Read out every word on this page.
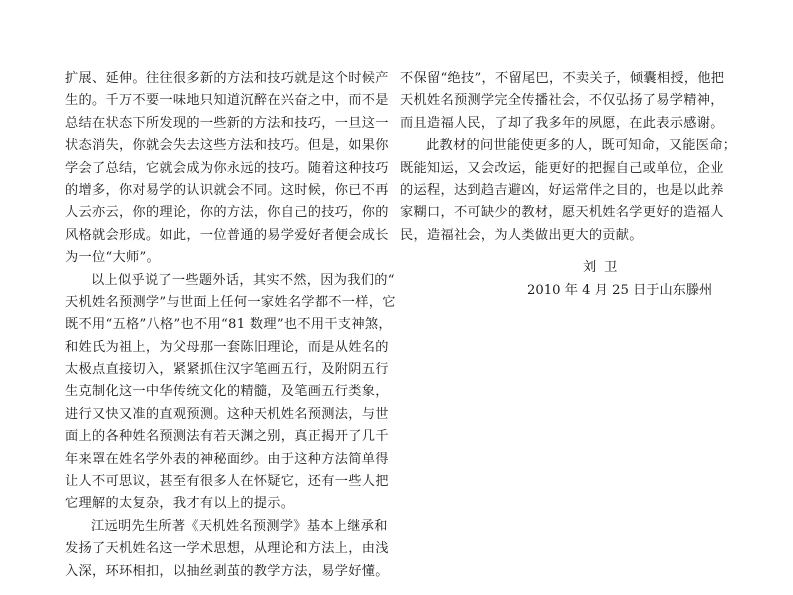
扩展、延伸。往往很多新的方法和技巧就是这个时候产
生的。千万不要一味地只知道沉醉在兴奋之中，而不是
总结在状态下所发现的一些新的方法和技巧，一旦这一
状态消失，你就会失去这些方法和技巧。但是，如果你
学会了总结，它就会成为你永远的技巧。随着这种技巧
的增多，你对易学的认识就会不同。这时候，你已不再
人云亦云，你的理论，你的方法，你自己的技巧，你的
风格就会形成。如此，一位普通的易学爱好者便会成长
为一位“大师”。
以上似乎说了一些题外话，其实不然，因为我们的“
天机姓名预测学”与世面上任何一家姓名学都不一样，它
既不用“五格”八格”也不用“81 数理”也不用干支神煞，
和姓氏为祖上，为父母那一套陈旧理论，而是从姓名的
太极点直接切入，紧紧抓住汉字笔画五行，及附阴五行
生克制化这一中华传统文化的精髓，及笔画五行类象，
进行又快又准的直观预测。这种天机姓名预测法，与世
面上的各种姓名预测法有若天渊之别，真正揭开了几千
年来罩在姓名学外表的神秘面纱。由于这种方法简单得
让人不可思议，甚至有很多人在怀疑它，还有一些人把
它理解的太复杂，我才有以上的提示。
江远明先生所著《天机姓名预测学》基本上继承和
发扬了天机姓名这一学术思想，从理论和方法上，由浅
入深，环环相扣，以抽丝剥茧的教学方法，易学好懂。
不保留“绝技”，不留尾巴，不卖关子，倾囊相授，他把
天机姓名预测学完全传播社会，不仅弘扬了易学精神，
而且造福人民，了却了我多年的夙愿，在此表示感谢。
此教材的问世能使更多的人，既可知命，又能医命；
既能知运，又会改运，能更好的把握自己或单位，企业
的运程，达到趋吉避凶，好运常伴之目的，也是以此养
家糊口，不可缺少的教材，愿天机姓名学更好的造福人
民，造福社会，为人类做出更大的贡献。
刘卫
2010 年 4 月 25 日于山东滕州
